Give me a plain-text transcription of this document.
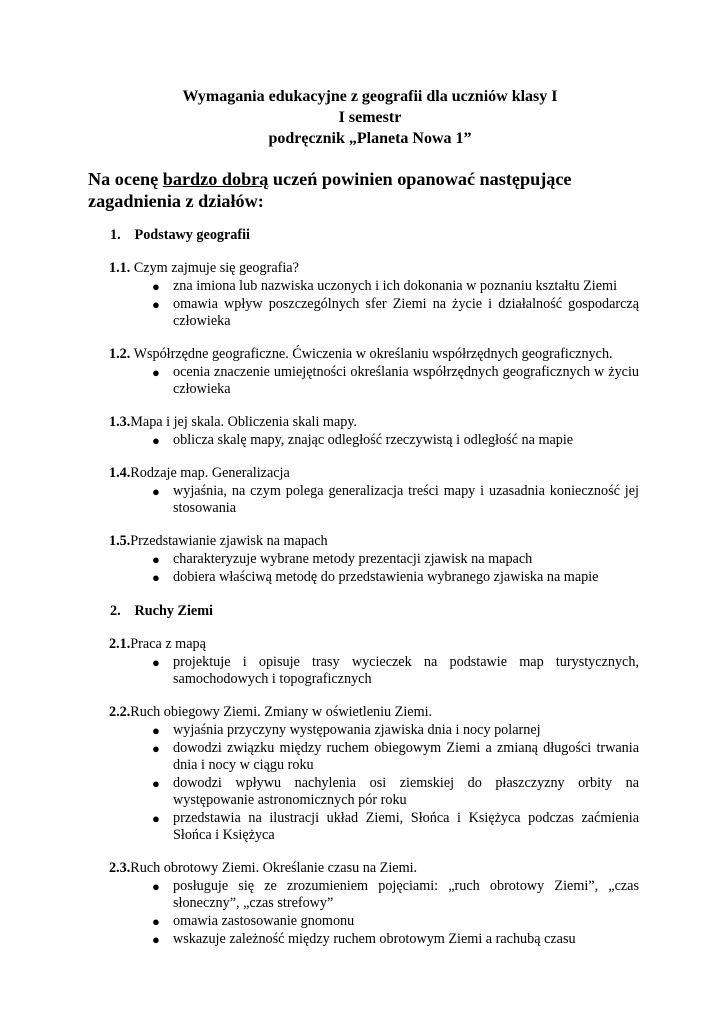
Wymagania edukacyjne z geografii dla uczniów klasy I

I semestr

podręcznik „Planeta Nowa 1”

Na ocenę bardzo dobrą uczeń powinien opanować następujące zagadnienia z działów:

1. Podstawy geografii
1.1. Czym zajmuje się geografia?
● zna imiona lub nazwiska uczonych i ich dokonania w poznaniu kształtu Ziemi
● omawia wpływ poszczególnych sfer Ziemi na życie i działalność gospodarczą człowieka
1.2. Współrzędne geograficzne. Ćwiczenia w określaniu współrzędnych geograficznych.
● ocenia znaczenie umiejętności określania współrzędnych geograficznych w życiu człowieka
1.3.Mapa i jej skala. Obliczenia skali mapy.
● oblicza skalę mapy, znając odległość rzeczywistą i odległość na mapie
1.4.Rodzaje map. Generalizacja
● wyjaśnia, na czym polega generalizacja treści mapy i uzasadnia konieczność jej stosowania
1.5.Przedstawianie zjawisk na mapach
● charakteryzuje wybrane metody prezentacji zjawisk na mapach
● dobiera właściwą metodę do przedstawienia wybranego zjawiska na mapie
2. Ruchy Ziemi
2.1.Praca z mapą
● projektuje i opisuje trasy wycieczek na podstawie map turystycznych, samochodowych i topograficznych
2.2.Ruch obiegowy Ziemi. Zmiany w oświetleniu Ziemi.
● wyjaśnia przyczyny występowania zjawiska dnia i nocy polarnej
● dowodzi związku między ruchem obiegowym Ziemi a zmianą długości trwania dnia i nocy w ciągu roku
● dowodzi wpływu nachylenia osi ziemskiej do płaszczyzny orbity na występowanie astronomicznych pór roku
● przedstawia na ilustracji układ Ziemi, Słońca i Księżyca podczas zaćmienia Słońca i Księżyca
2.3.Ruch obrotowy Ziemi. Określanie czasu na Ziemi.
● posługuje się ze zrozumieniem pojęciami: „ruch obrotowy Ziemi”, „czas słoneczny”, „czas strefowy”
● omawia zastosowanie gnomonu
● wskazuje zależność między ruchem obrotowym Ziemi a rachubą czasu
